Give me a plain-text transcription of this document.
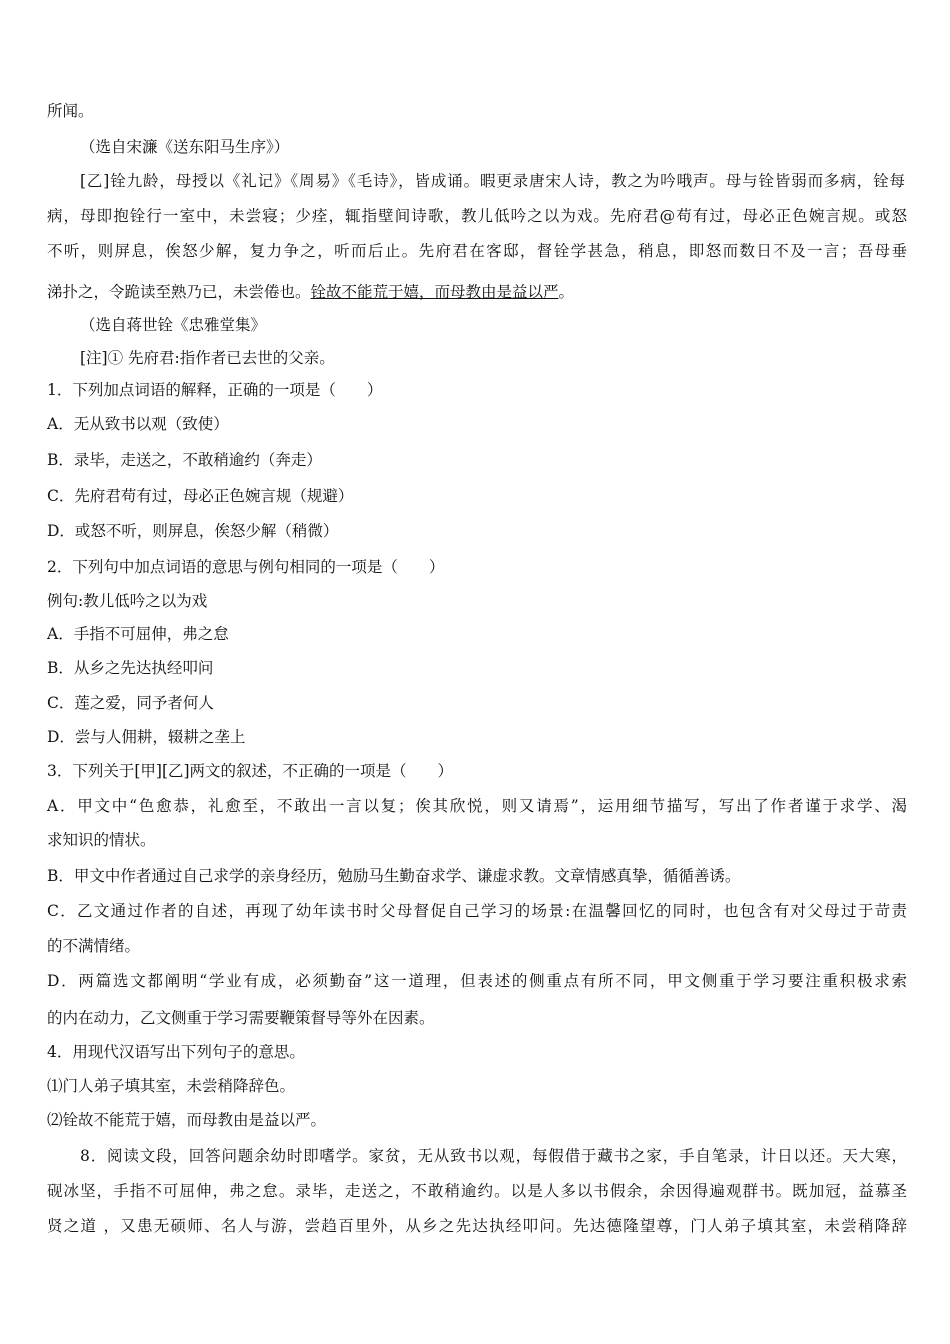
所闻。
（选自宋濂《送东阳马生序》）
[乙]铨九龄，母授以《礼记》《周易》《毛诗》，皆成诵。暇更录唐宋人诗，教之为吟哦声。母与铨皆弱而多病，铨每
病，母即抱铨行一室中，未尝寝；少痊，辄指壁间诗歌，教儿低吟之以为戏。先府君@苟有过，母必正色婉言规。或怒
不听，则屏息，俟怒少解，复力争之，听而后止。先府君在客邸，督铨学甚急，稍息，即怒而数日不及一言；吾母垂
涕扑之，令跪读至熟乃已，未尝倦也。铨故不能荒于嬉，而母教由是益以严。
（选自蒋世铨《忠雅堂集》
[注]① 先府君:指作者已去世的父亲。
1．下列加点词语的解释，正确的一项是（　　）
A．无从致书以观（致使）
B．录毕，走送之，不敢稍逾约（奔走）
C．先府君苟有过，母必正色婉言规（规避）
D．或怒不听，则屏息，俟怒少解（稍微）
2．下列句中加点词语的意思与例句相同的一项是（　　）
例句:教儿低吟之以为戏
A．手指不可屈伸，弗之怠
B．从乡之先达执经叩问
C．莲之爱，同予者何人
D．尝与人佣耕，辍耕之垄上
3．下列关于[甲][乙]两文的叙述，不正确的一项是（　　）
A．甲文中“色愈恭，礼愈至，不敢出一言以复；俟其欣悦，则又请焉”，运用细节描写，写出了作者谨于求学、渴
求知识的情状。
B．甲文中作者通过自己求学的亲身经历，勉励马生勤奋求学、谦虚求教。文章情感真挚，循循善诱。
C．乙文通过作者的自述，再现了幼年读书时父母督促自己学习的场景:在温馨回忆的同时，也包含有对父母过于苛责
的不满情绪。
D．两篇选文都阐明“学业有成，必须勤奋”这一道理，但表述的侧重点有所不同，甲文侧重于学习要注重积极求索
的内在动力，乙文侧重于学习需要鞭策督导等外在因素。
4．用现代汉语写出下列句子的意思。
⑴门人弟子填其室，未尝稍降辞色。
⑵铨故不能荒于嬉，而母教由是益以严。
8．阅读文段，回答问题余幼时即嗜学。家贫，无从致书以观，每假借于藏书之家，手自笔录，计日以还。天大寒，
砚冰坚，手指不可屈伸，弗之怠。录毕，走送之，不敢稍逾约。以是人多以书假余，余因得遍观群书。既加冠，益慕圣
贤之道 ，又患无硕师、名人与游，尝趋百里外，从乡之先达执经叩问。先达德隆望尊，门人弟子填其室，未尝稍降辞
